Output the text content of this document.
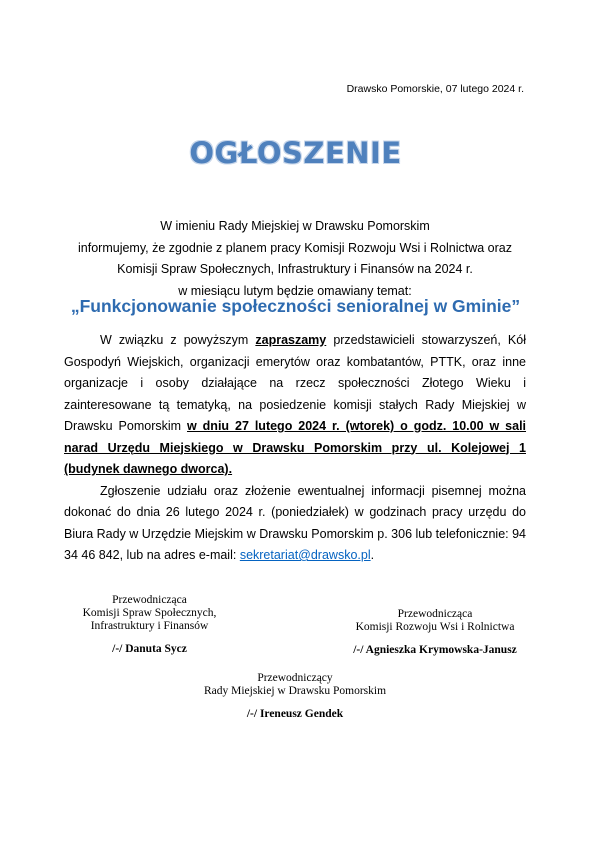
Drawsko Pomorskie, 07 lutego 2024 r.
OGŁOSZENIE
W imieniu Rady Miejskiej w Drawsku Pomorskim
informujemy, że zgodnie z planem pracy Komisji Rozwoju Wsi i Rolnictwa oraz
Komisji Spraw Społecznych, Infrastruktury i Finansów na 2024 r.
w miesiącu lutym będzie omawiany temat:
„Funkcjonowanie społeczności senioralnej w Gminie”

W związku z powyższym zapraszamy przedstawicieli stowarzyszeń, Kół Gospodyń Wiejskich, organizacji emerytów oraz kombatantów, PTTK, oraz inne organizacje i osoby działające na rzecz społeczności Złotego Wieku i zainteresowane tą tematyką, na posiedzenie komisji stałych Rady Miejskiej w Drawsku Pomorskim w dniu 27 lutego 2024 r. (wtorek) o godz. 10.00 w sali narad Urzędu Miejskiego w Drawsku Pomorskim przy ul. Kolejowej 1 (budynek dawnego dworca).

Zgłoszenie udziału oraz złożenie ewentualnej informacji pisemnej można dokonać do dnia 26 lutego 2024 r. (poniedziałek) w godzinach pracy urzędu do Biura Rady w Urzędzie Miejskim w Drawsku Pomorskim p. 306 lub telefonicznie: 94 34 46 842, lub na adres e-mail: sekretariat@drawsko.pl.

Przewodnicząca
Komisji Spraw Społecznych,
Infrastruktury i Finansów
/-/ Danuta Sycz
Przewodnicząca
Komisji Rozwoju Wsi i Rolnictwa
/-/ Agnieszka Krymowska-Janusz
Przewodniczący
Rady Miejskiej w Drawsku Pomorskim
/-/ Ireneusz Gendek
